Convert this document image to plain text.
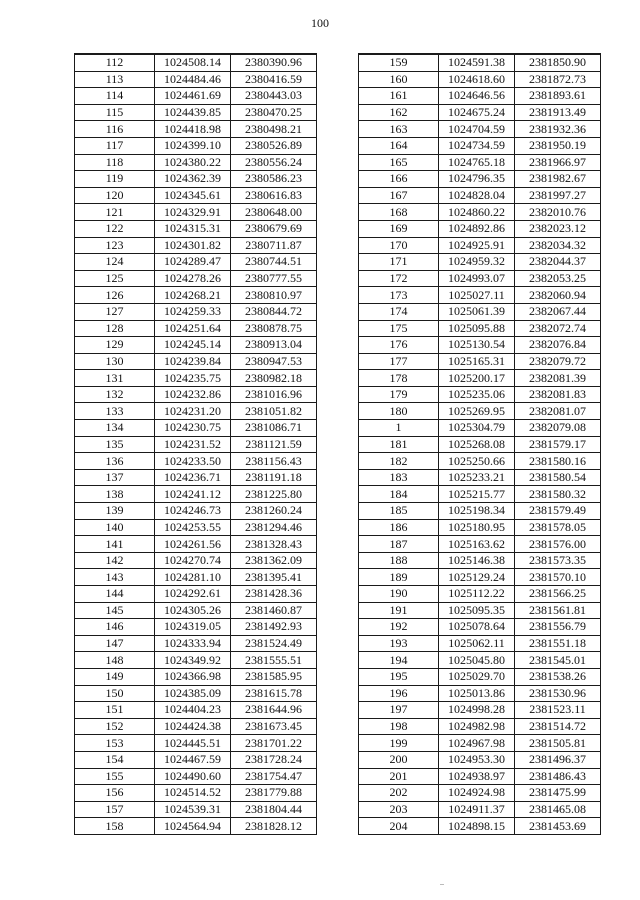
100
112	1024508.14	2380390.96
113	1024484.46	2380416.59
114	1024461.69	2380443.03
115	1024439.85	2380470.25
116	1024418.98	2380498.21
117	1024399.10	2380526.89
118	1024380.22	2380556.24
119	1024362.39	2380586.23
120	1024345.61	2380616.83
121	1024329.91	2380648.00
122	1024315.31	2380679.69
123	1024301.82	2380711.87
124	1024289.47	2380744.51
125	1024278.26	2380777.55
126	1024268.21	2380810.97
127	1024259.33	2380844.72
128	1024251.64	2380878.75
129	1024245.14	2380913.04
130	1024239.84	2380947.53
131	1024235.75	2380982.18
132	1024232.86	2381016.96
133	1024231.20	2381051.82
134	1024230.75	2381086.71
135	1024231.52	2381121.59
136	1024233.50	2381156.43
137	1024236.71	2381191.18
138	1024241.12	2381225.80
139	1024246.73	2381260.24
140	1024253.55	2381294.46
141	1024261.56	2381328.43
142	1024270.74	2381362.09
143	1024281.10	2381395.41
144	1024292.61	2381428.36
145	1024305.26	2381460.87
146	1024319.05	2381492.93
147	1024333.94	2381524.49
148	1024349.92	2381555.51
149	1024366.98	2381585.95
150	1024385.09	2381615.78
151	1024404.23	2381644.96
152	1024424.38	2381673.45
153	1024445.51	2381701.22
154	1024467.59	2381728.24
155	1024490.60	2381754.47
156	1024514.52	2381779.88
157	1024539.31	2381804.44
158	1024564.94	2381828.12
159	1024591.38	2381850.90
160	1024618.60	2381872.73
161	1024646.56	2381893.61
162	1024675.24	2381913.49
163	1024704.59	2381932.36
164	1024734.59	2381950.19
165	1024765.18	2381966.97
166	1024796.35	2381982.67
167	1024828.04	2381997.27
168	1024860.22	2382010.76
169	1024892.86	2382023.12
170	1024925.91	2382034.32
171	1024959.32	2382044.37
172	1024993.07	2382053.25
173	1025027.11	2382060.94
174	1025061.39	2382067.44
175	1025095.88	2382072.74
176	1025130.54	2382076.84
177	1025165.31	2382079.72
178	1025200.17	2382081.39
179	1025235.06	2382081.83
180	1025269.95	2382081.07
1	1025304.79	2382079.08
181	1025268.08	2381579.17
182	1025250.66	2381580.16
183	1025233.21	2381580.54
184	1025215.77	2381580.32
185	1025198.34	2381579.49
186	1025180.95	2381578.05
187	1025163.62	2381576.00
188	1025146.38	2381573.35
189	1025129.24	2381570.10
190	1025112.22	2381566.25
191	1025095.35	2381561.81
192	1025078.64	2381556.79
193	1025062.11	2381551.18
194	1025045.80	2381545.01
195	1025029.70	2381538.26
196	1025013.86	2381530.96
197	1024998.28	2381523.11
198	1024982.98	2381514.72
199	1024967.98	2381505.81
200	1024953.30	2381496.37
201	1024938.97	2381486.43
202	1024924.98	2381475.99
203	1024911.37	2381465.08
204	1024898.15	2381453.69
